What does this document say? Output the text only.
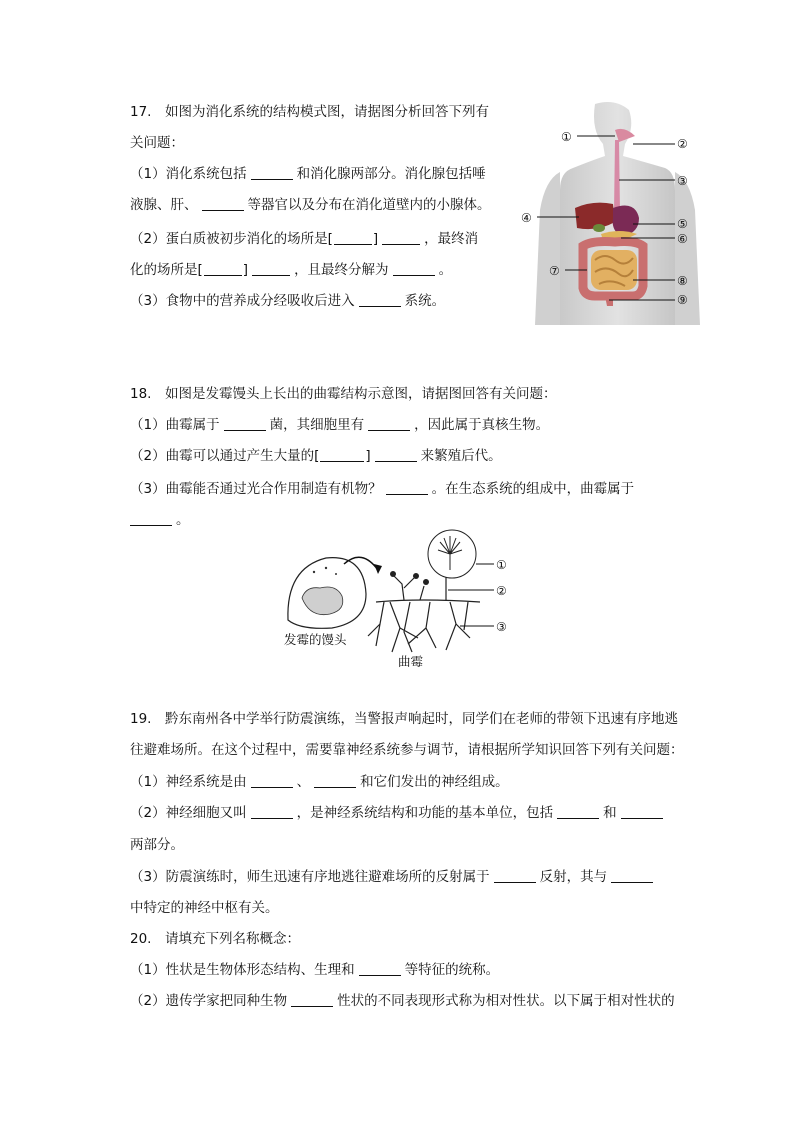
17.　如图为消化系统的结构模式图，请据图分析回答下列有
关问题：
（1）消化系统包括	和消化腺两部分。消化腺包括唾
液腺、肝、	等器官以及分布在消化道壁内的小腺体。
（2）蛋白质被初步消化的场所是[	]	，最终消
化的场所是[	]	，且最终分解为	。
（3）食物中的营养成分经吸收后进入	系统。
①	②
③
④	⑤
⑥
⑦
⑧
⑨
18.　如图是发霉馒头上长出的曲霉结构示意图，请据图回答有关问题：
（1）曲霉属于	菌，其细胞里有	，因此属于真核生物。
（2）曲霉可以通过产生大量的[	]	来繁殖后代。
（3）曲霉能否通过光合作用制造有机物？	。在生态系统的组成中，曲霉属于
。
①
②
③
发霉的馒头
曲霉
19.　黔东南州各中学举行防震演练，当警报声响起时，同学们在老师的带领下迅速有序地逃
往避难场所。在这个过程中，需要靠神经系统参与调节，请根据所学知识回答下列有关问题：
（1）神经系统是由	、	和它们发出的神经组成。
（2）神经细胞又叫	，是神经系统结构和功能的基本单位，包括	和
两部分。
（3）防震演练时，师生迅速有序地逃往避难场所的反射属于	反射，其与
中特定的神经中枢有关。
20.　请填充下列名称概念：
（1）性状是生物体形态结构、生理和	等特征的统称。
（2）遗传学家把同种生物	性状的不同表现形式称为相对性状。以下属于相对性状的
